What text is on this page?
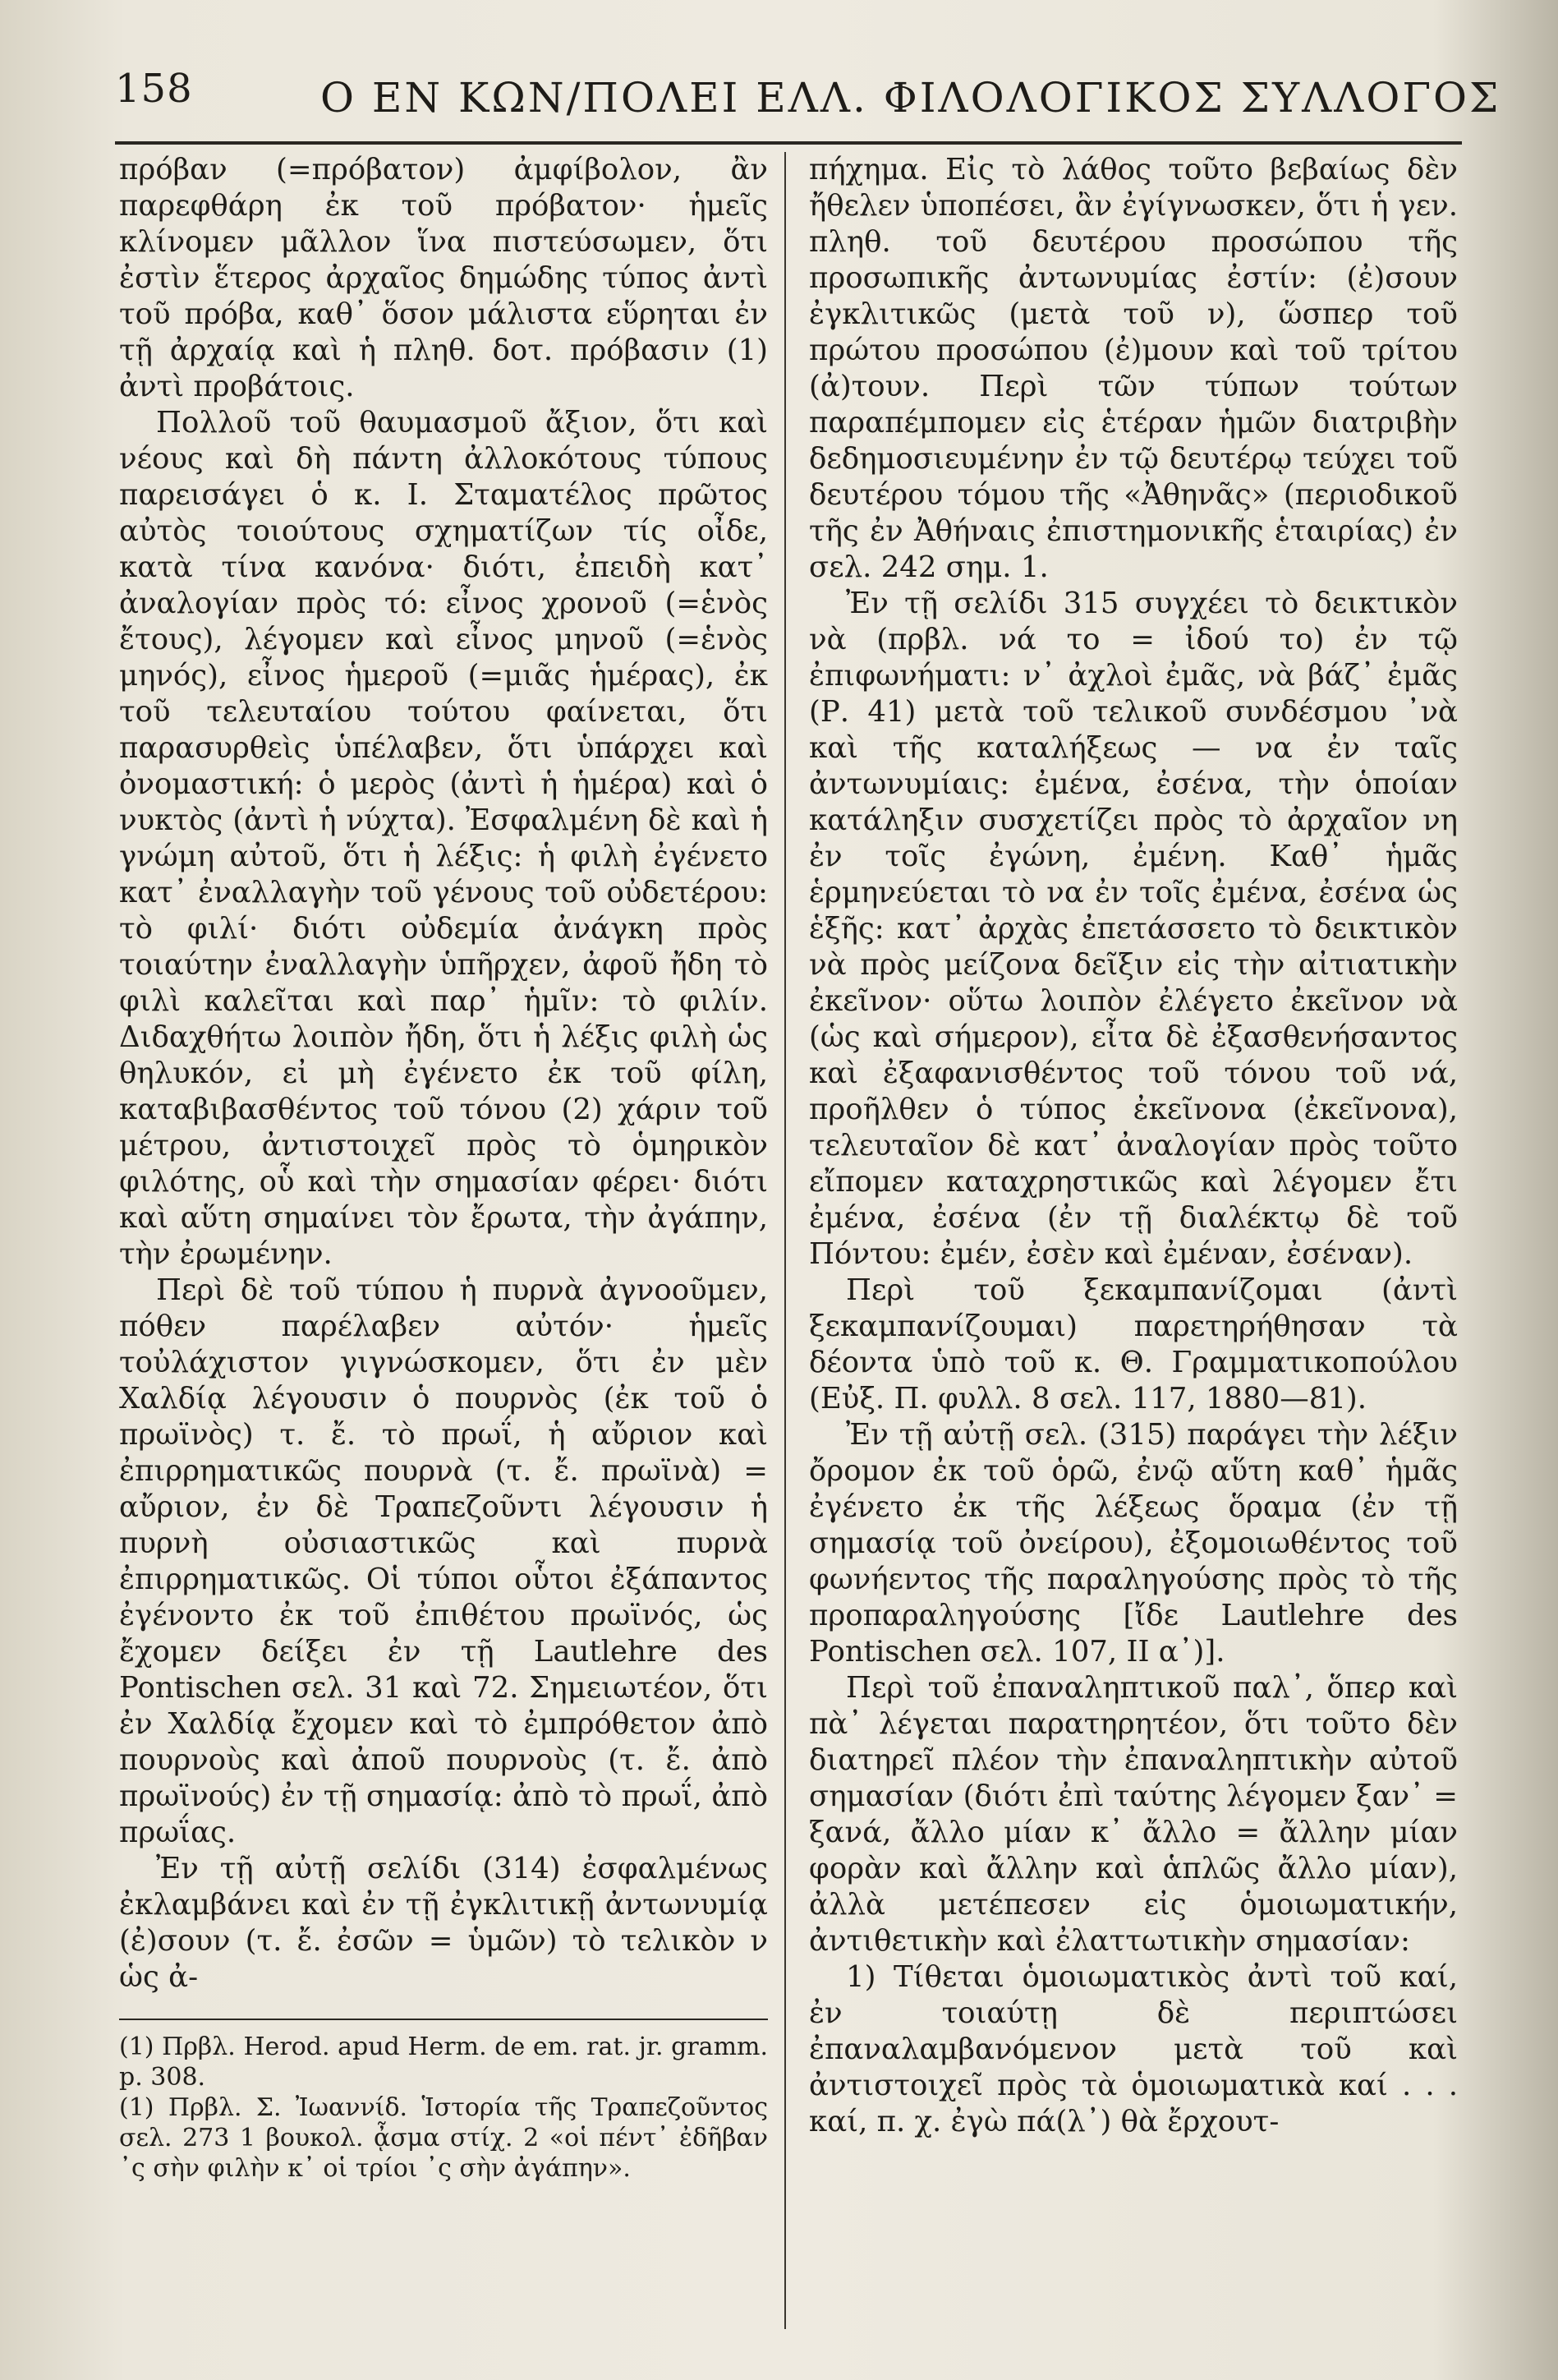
158	Ο ΕΝ ΚΩΝ/ΠΟΛΕΙ ΕΛΛ. ΦΙΛΟΛΟΓΙΚΟΣ ΣΥΛΛΟΓΟΣ

πρόβαν (=πρόβατον) ἀμφίβολον, ἂν παρεφθάρη ἐκ τοῦ πρόβατον· ἡμεῖς κλίνομεν μᾶλλον ἵνα πιστεύσωμεν, ὅτι ἐστὶν ἕτερος ἀρχαῖος δημώδης τύπος ἀντὶ τοῦ πρόβα, καθ᾽ ὅσον μάλιστα εὕρηται ἐν τῇ ἀρχαίᾳ καὶ ἡ πληθ. δοτ. πρόβασιν (1) ἀντὶ προβάτοις.

Πολλοῦ τοῦ θαυμασμοῦ ἄξιον, ὅτι καὶ νέους καὶ δὴ πάντη ἀλλοκότους τύπους παρεισάγει ὁ κ. Ι. Σταματέλος πρῶτος αὐτὸς τοιούτους σχηματίζων τίς οἶδε, κατὰ τίνα κανόνα· διότι, ἐπειδὴ κατ᾽ ἀναλογίαν πρὸς τό: εἶνος χρονοῦ (=ἑνὸς ἔτους), λέγομεν καὶ εἶνος μηνοῦ (=ἑνὸς μηνός), εἶνος ἡμεροῦ (=μιᾶς ἡμέρας), ἐκ τοῦ τελευταίου τούτου φαίνεται, ὅτι παρασυρθεὶς ὑπέλαβεν, ὅτι ὑπάρχει καὶ ὀνομαστική: ὁ μερὸς (ἀντὶ ἡ ἡμέρα) καὶ ὁ νυκτὸς (ἀντὶ ἡ νύχτα). Ἐσφαλμένη δὲ καὶ ἡ γνώμη αὐτοῦ, ὅτι ἡ λέξις: ἡ φιλὴ ἐγένετο κατ᾽ ἐναλλαγὴν τοῦ γένους τοῦ οὐδετέρου: τὸ φιλί· διότι οὐδεμία ἀνάγκη πρὸς τοιαύτην ἐναλλαγὴν ὑπῆρχεν, ἀφοῦ ἤδη τὸ φιλὶ καλεῖται καὶ παρ᾽ ἡμῖν: τὸ φιλίν. Διδαχθήτω λοιπὸν ἤδη, ὅτι ἡ λέξις φιλὴ ὡς θηλυκόν, εἰ μὴ ἐγένετο ἐκ τοῦ φίλη, καταβιβασθέντος τοῦ τόνου (2) χάριν τοῦ μέτρου, ἀντιστοιχεῖ πρὸς τὸ ὁμηρικὸν φιλότης, οὗ καὶ τὴν σημασίαν φέρει· διότι καὶ αὕτη σημαίνει τὸν ἔρωτα, τὴν ἀγάπην, τὴν ἐρωμένην.

Περὶ δὲ τοῦ τύπου ἡ πυρνὰ ἀγνοοῦμεν, πόθεν παρέλαβεν αὐτόν· ἡμεῖς τοὐλάχιστον γιγνώσκομεν, ὅτι ἐν μὲν Χαλδίᾳ λέγουσιν ὁ πουρνὸς (ἐκ τοῦ ὁ πρωϊνὸς) τ. ἔ. τὸ πρωΐ, ἡ αὔριον καὶ ἐπιρρηματικῶς πουρνὰ (τ. ἔ. πρωϊνὰ) = αὔριον, ἐν δὲ Τραπεζοῦντι λέγουσιν ἡ πυρνὴ οὐσιαστικῶς καὶ πυρνὰ ἐπιρρηματικῶς. Οἱ τύποι οὗτοι ἐξάπαντος ἐγένοντο ἐκ τοῦ ἐπιθέτου πρωϊνός, ὡς ἔχομεν δείξει ἐν τῇ Lautlehre des Pontischen σελ. 31 καὶ 72. Σημειωτέον, ὅτι ἐν Χαλδίᾳ ἔχομεν καὶ τὸ ἐμπρόθετον ἀπὸ πουρνοὺς καὶ ἀποῦ πουρνοὺς (τ. ἔ. ἀπὸ πρωϊνούς) ἐν τῇ σημασίᾳ: ἀπὸ τὸ πρωΐ, ἀπὸ πρωΐας.

Ἐν τῇ αὐτῇ σελίδι (314) ἐσφαλμένως ἐκλαμβάνει καὶ ἐν τῇ ἐγκλιτικῇ ἀντωνυμίᾳ (ἐ)σουν (τ. ἔ. ἐσῶν = ὑμῶν) τὸ τελικὸν ν ὡς ἀ-

(1) Πρβλ. Herod. apud Herm. de em. rat. jr. gramm. p. 308.

(1) Πρβλ. Σ. Ἰωαννίδ. Ἱστορία τῆς Τραπεζοῦντος σελ. 273 1 βουκολ. ᾆσμα στίχ. 2 «οἱ πέντ᾽ ἐδῆβαν ᾽ς σὴν φιλὴν κ᾽ οἱ τρίοι ᾽ς σὴν ἀγάπην».

πήχημα. Εἰς τὸ λάθος τοῦτο βεβαίως δὲν ἤθελεν ὑποπέσει, ἂν ἐγίγνωσκεν, ὅτι ἡ γεν. πληθ. τοῦ δευτέρου προσώπου τῆς προσωπικῆς ἀντωνυμίας ἐστίν: (ἐ)σουν ἐγκλιτικῶς (μετὰ τοῦ ν), ὥσπερ τοῦ πρώτου προσώπου (ἐ)μουν καὶ τοῦ τρίτου (ἀ)τουν. Περὶ τῶν τύπων τούτων παραπέμπομεν εἰς ἑτέραν ἡμῶν διατριβὴν δεδημοσιευμένην ἐν τῷ δευτέρῳ τεύχει τοῦ δευτέρου τόμου τῆς «Ἀθηνᾶς» (περιοδικοῦ τῆς ἐν Ἀθήναις ἐπιστημονικῆς ἑταιρίας) ἐν σελ. 242 σημ. 1.

Ἐν τῇ σελίδι 315 συγχέει τὸ δεικτικὸν νὰ (πρβλ. νά το = ἰδού το) ἐν τῷ ἐπιφωνήματι: ν᾽ ἀχλοὶ ἐμᾶς, νὰ βάζ᾽ ἐμᾶς (Ρ. 41) μετὰ τοῦ τελικοῦ συνδέσμου ᾽νὰ καὶ τῆς καταλήξεως — να ἐν ταῖς ἀντωνυμίαις: ἐμένα, ἐσένα, τὴν ὁποίαν κατάληξιν συσχετίζει πρὸς τὸ ἀρχαῖον νη ἐν τοῖς ἐγώνη, ἐμένη. Καθ᾽ ἡμᾶς ἑρμηνεύεται τὸ να ἐν τοῖς ἐμένα, ἐσένα ὡς ἑξῆς: κατ᾽ ἀρχὰς ἐπετάσσετο τὸ δεικτικὸν νὰ πρὸς μείζονα δεῖξιν εἰς τὴν αἰτιατικὴν ἐκεῖνον· οὕτω λοιπὸν ἐλέγετο ἐκεῖνον νὰ (ὡς καὶ σήμερον), εἶτα δὲ ἐξασθενήσαντος καὶ ἐξαφανισθέντος τοῦ τόνου τοῦ νά, προῆλθεν ὁ τύπος ἐκεῖνονα (ἐκεῖνονα), τελευταῖον δὲ κατ᾽ ἀναλογίαν πρὸς τοῦτο εἴπομεν καταχρηστικῶς καὶ λέγομεν ἔτι ἐμένα, ἐσένα (ἐν τῇ διαλέκτῳ δὲ τοῦ Πόντου: ἐμέν, ἐσὲν καὶ ἐμέναν, ἐσέναν).

Περὶ τοῦ ξεκαμπανίζομαι (ἀντὶ ξεκαμπανίζουμαι) παρετηρήθησαν τὰ δέοντα ὑπὸ τοῦ κ. Θ. Γραμματικοπούλου (Εὐξ. Π. φυλλ. 8 σελ. 117, 1880—81).

Ἐν τῇ αὐτῇ σελ. (315) παράγει τὴν λέξιν ὄρομον ἐκ τοῦ ὁρῶ, ἐνῷ αὕτη καθ᾽ ἡμᾶς ἐγένετο ἐκ τῆς λέξεως ὅραμα (ἐν τῇ σημασίᾳ τοῦ ὀνείρου), ἐξομοιωθέντος τοῦ φωνήεντος τῆς παραληγούσης πρὸς τὸ τῆς προπαραληγούσης [ἴδε Lautlehre des Pontischen σελ. 107, II α᾽)].

Περὶ τοῦ ἐπαναληπτικοῦ παλ᾽, ὅπερ καὶ πὰ᾽ λέγεται παρατηρητέον, ὅτι τοῦτο δὲν διατηρεῖ πλέον τὴν ἐπαναληπτικὴν αὐτοῦ σημασίαν (διότι ἐπὶ ταύτης λέγομεν ξαν᾽ = ξανά, ἄλλο μίαν κ᾽ ἄλλο = ἄλλην μίαν φορὰν καὶ ἄλλην καὶ ἁπλῶς ἄλλο μίαν), ἀλλὰ μετέπεσεν εἰς ὁμοιωματικήν, ἀντιθετικὴν καὶ ἐλαττωτικὴν σημασίαν:

1) Τίθεται ὁμοιωματικὸς ἀντὶ τοῦ καί, ἐν τοιαύτῃ δὲ περιπτώσει ἐπαναλαμβανόμενον μετὰ τοῦ καὶ ἀντιστοιχεῖ πρὸς τὰ ὁμοιωματικὰ καί . . . καί, π. χ. ἐγὼ πά(λ᾽) θὰ ἔρχουτ-
